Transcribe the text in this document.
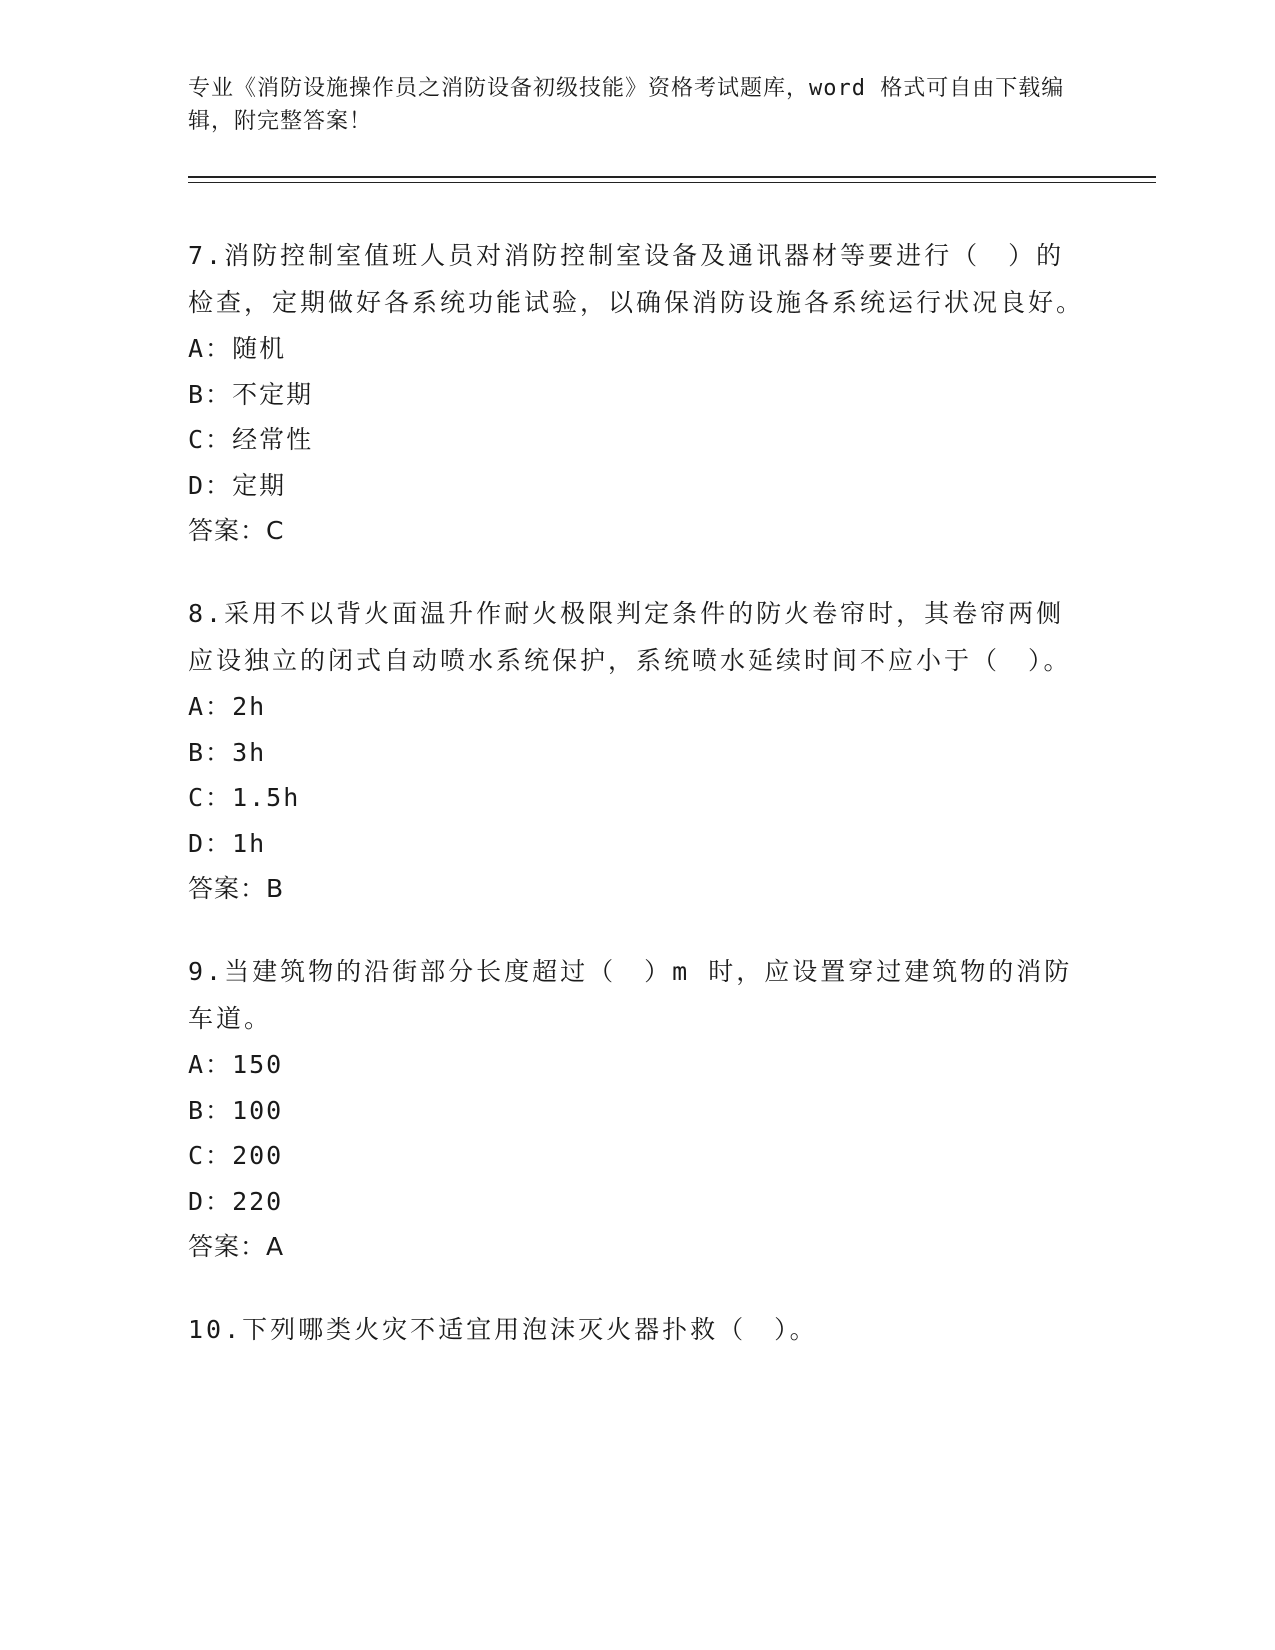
专业《消防设施操作员之消防设备初级技能》资格考试题库，word 格式可自由下载编辑，附完整答案！

7.消防控制室值班人员对消防控制室设备及通讯器材等要进行（　）的检查，定期做好各系统功能试验，以确保消防设施各系统运行状况良好。

A：随机
B：不定期
C：经常性
D：定期

答案：C

8.采用不以背火面温升作耐火极限判定条件的防火卷帘时，其卷帘两侧应设独立的闭式自动喷水系统保护，系统喷水延续时间不应小于（　）。

A：2h
B：3h
C：1.5h
D：1h

答案：B

9.当建筑物的沿街部分长度超过（　）m 时，应设置穿过建筑物的消防车道。

A：150
B：100
C：200
D：220

答案：A

10.下列哪类火灾不适宜用泡沫灭火器扑救（　）。
